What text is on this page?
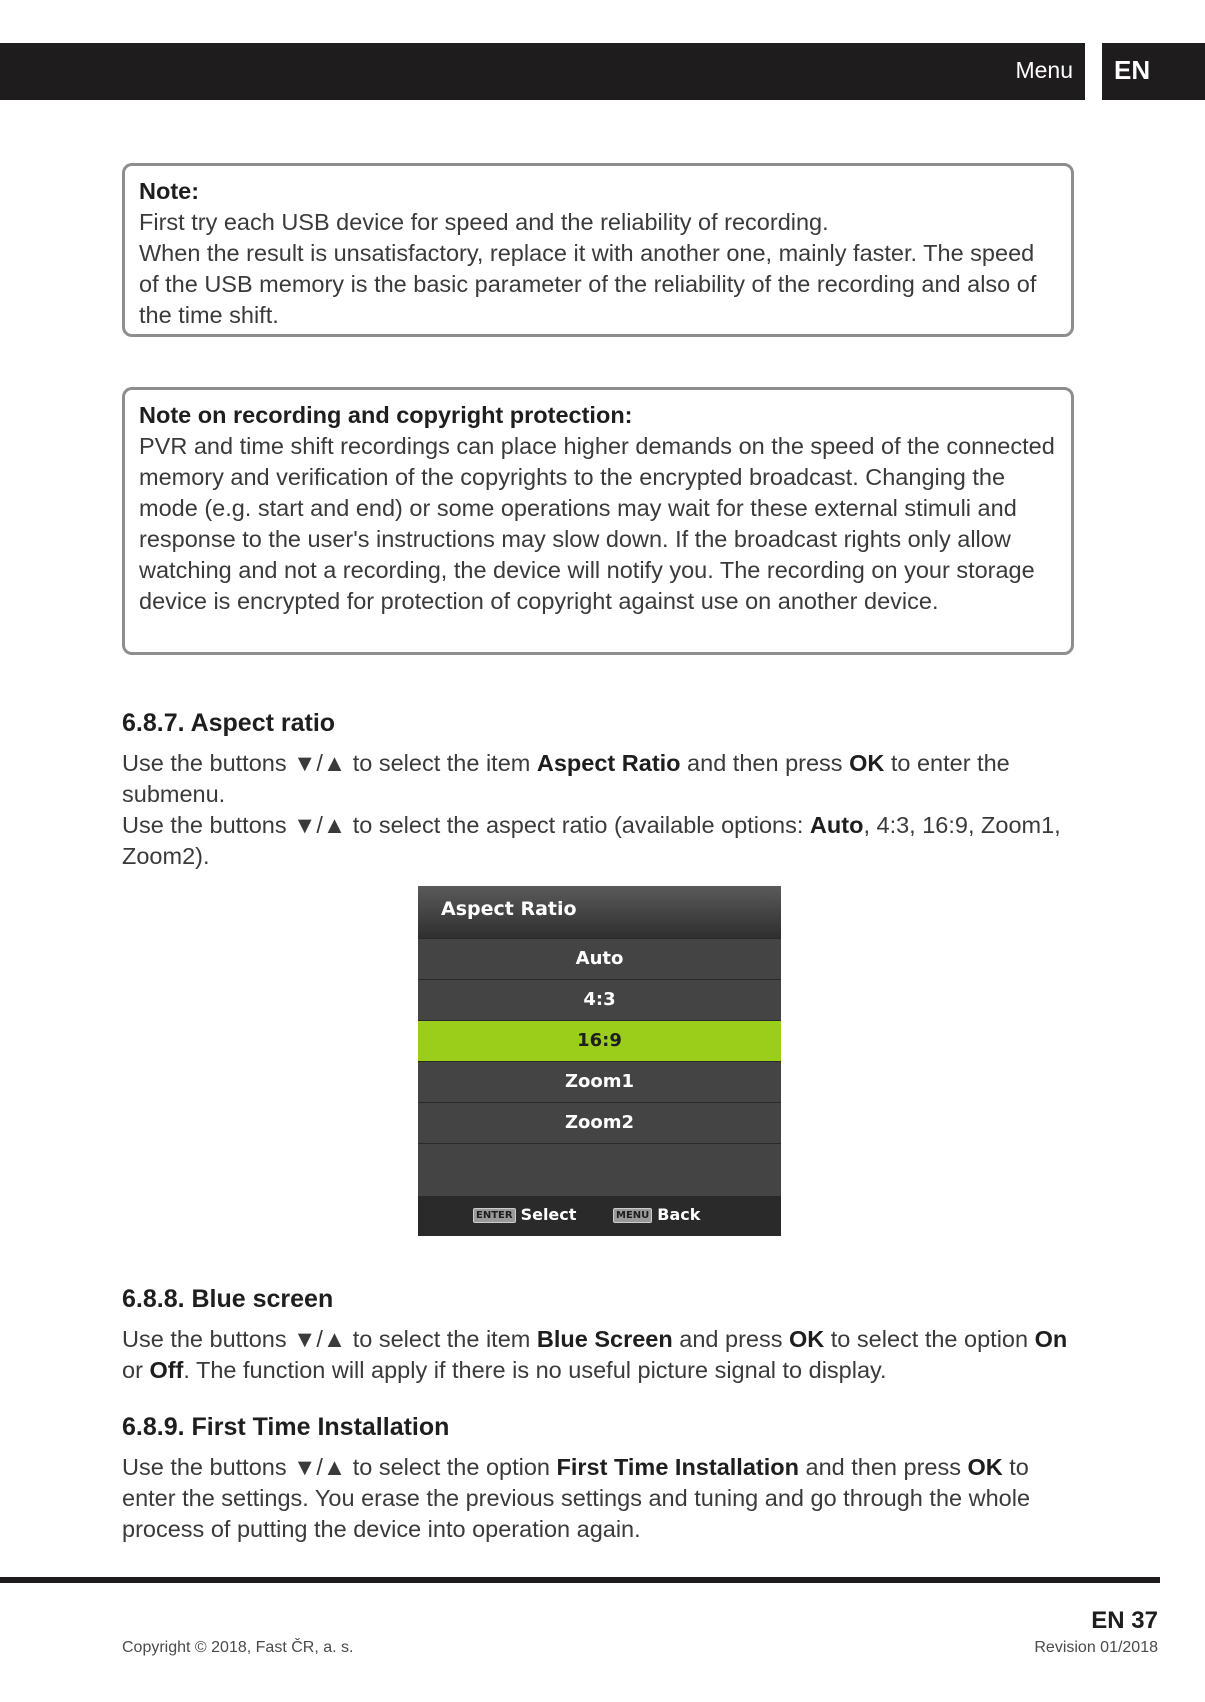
Menu EN
Note:
First try each USB device for speed and the reliability of recording.
When the result is unsatisfactory, replace it with another one, mainly faster. The speed of the USB memory is the basic parameter of the reliability of the recording and also of the time shift.
Note on recording and copyright protection:
PVR and time shift recordings can place higher demands on the speed of the connected memory and verification of the copyrights to the encrypted broadcast. Changing the mode (e.g. start and end) or some operations may wait for these external stimuli and response to the user's instructions may slow down. If the broadcast rights only allow watching and not a recording, the device will notify you. The recording on your storage device is encrypted for protection of copyright against use on another device.
6.8.7. Aspect ratio
Use the buttons ▼/▲ to select the item Aspect Ratio and then press OK to enter the submenu.
Use the buttons ▼/▲ to select the aspect ratio (available options: Auto, 4:3, 16:9, Zoom1, Zoom2).
Aspect Ratio
Auto
4:3
16:9
Zoom1
Zoom2
ENTER Select	MENU Back
6.8.8. Blue screen
Use the buttons ▼/▲ to select the item Blue Screen and press OK to select the option On or Off. The function will apply if there is no useful picture signal to display.
6.8.9. First Time Installation
Use the buttons ▼/▲ to select the option First Time Installation and then press OK to enter the settings. You erase the previous settings and tuning and go through the whole process of putting the device into operation again.
EN 37
Copyright © 2018, Fast ČR, a. s.	Revision 01/2018
